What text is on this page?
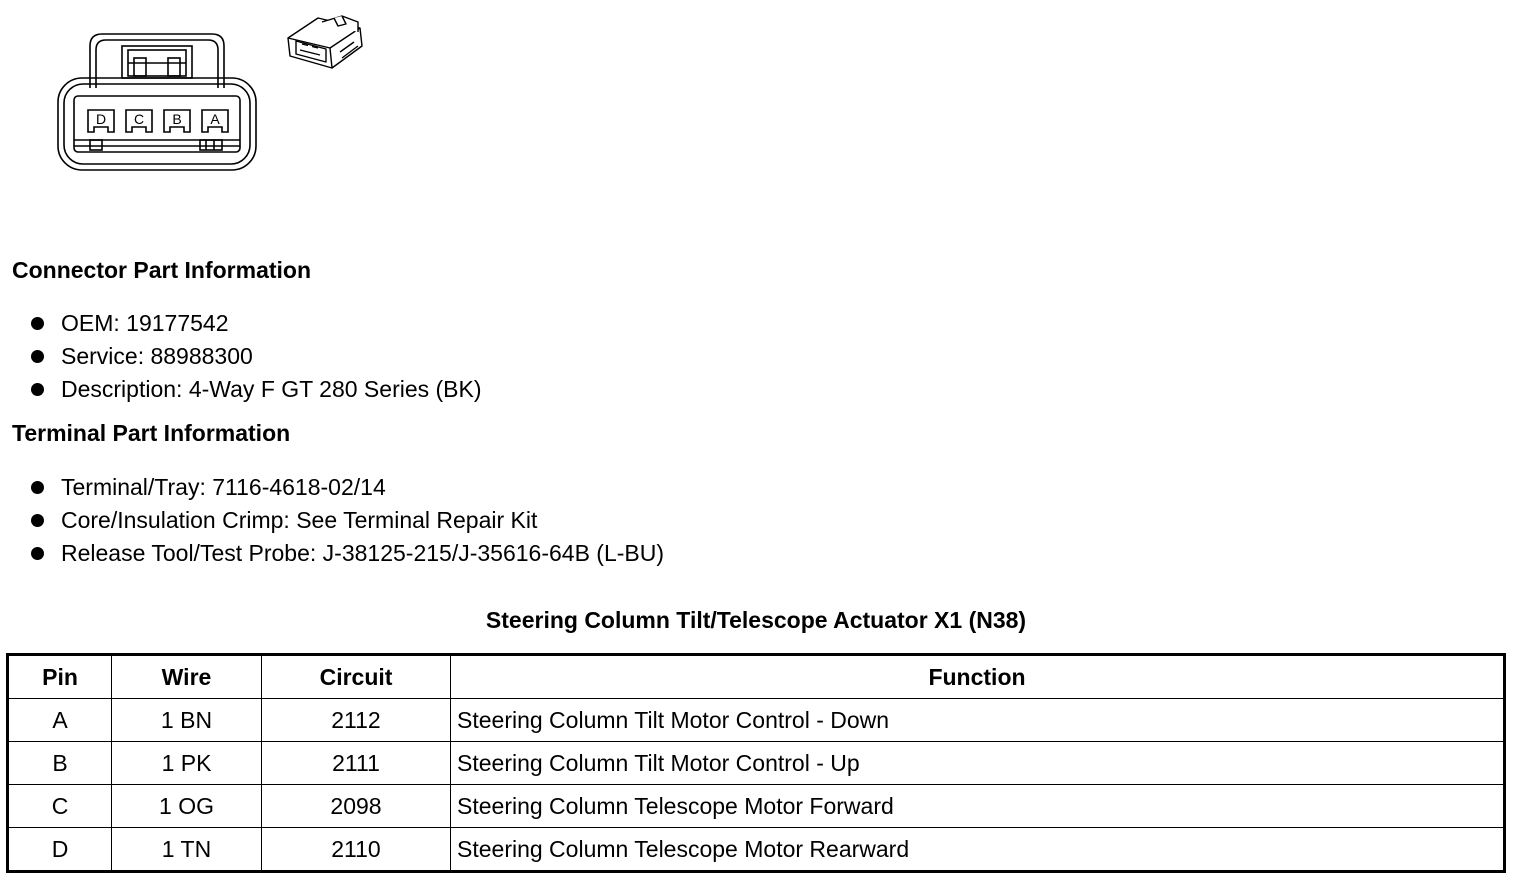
D C B A
Connector Part Information
OEM: 19177542
Service: 88988300
Description: 4-Way F GT 280 Series (BK)
Terminal Part Information
Terminal/Tray: 7116-4618-02/14
Core/Insulation Crimp: See Terminal Repair Kit
Release Tool/Test Probe: J-38125-215/J-35616-64B (L-BU)
Steering Column Tilt/Telescope Actuator X1 (N38)
Pin	Wire	Circuit	Function
A	1 BN	2112	Steering Column Tilt Motor Control - Down
B	1 PK	2111	Steering Column Tilt Motor Control - Up
C	1 OG	2098	Steering Column Telescope Motor Forward
D	1 TN	2110	Steering Column Telescope Motor Rearward
